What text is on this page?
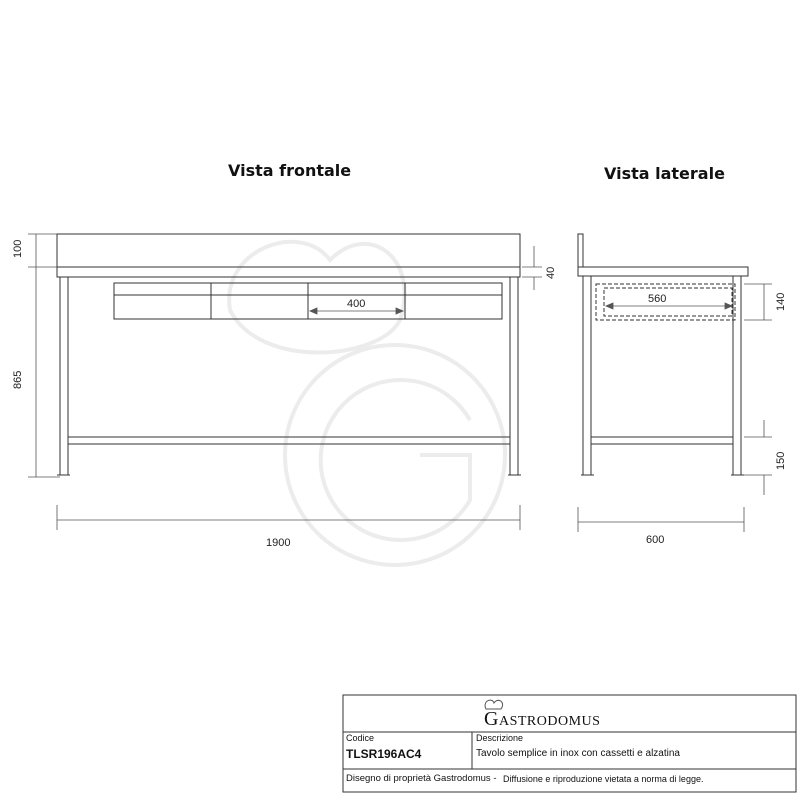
Vista frontale	Vista laterale
100
865
1900
40
400	560	140
150
600
GASTRODOMUS
Codice
TLSR196AC4
Descrizione
Tavolo semplice in inox con cassetti e alzatina
Disegno di proprietà Gastrodomus - Diffusione e riproduzione vietata a norma di legge.
